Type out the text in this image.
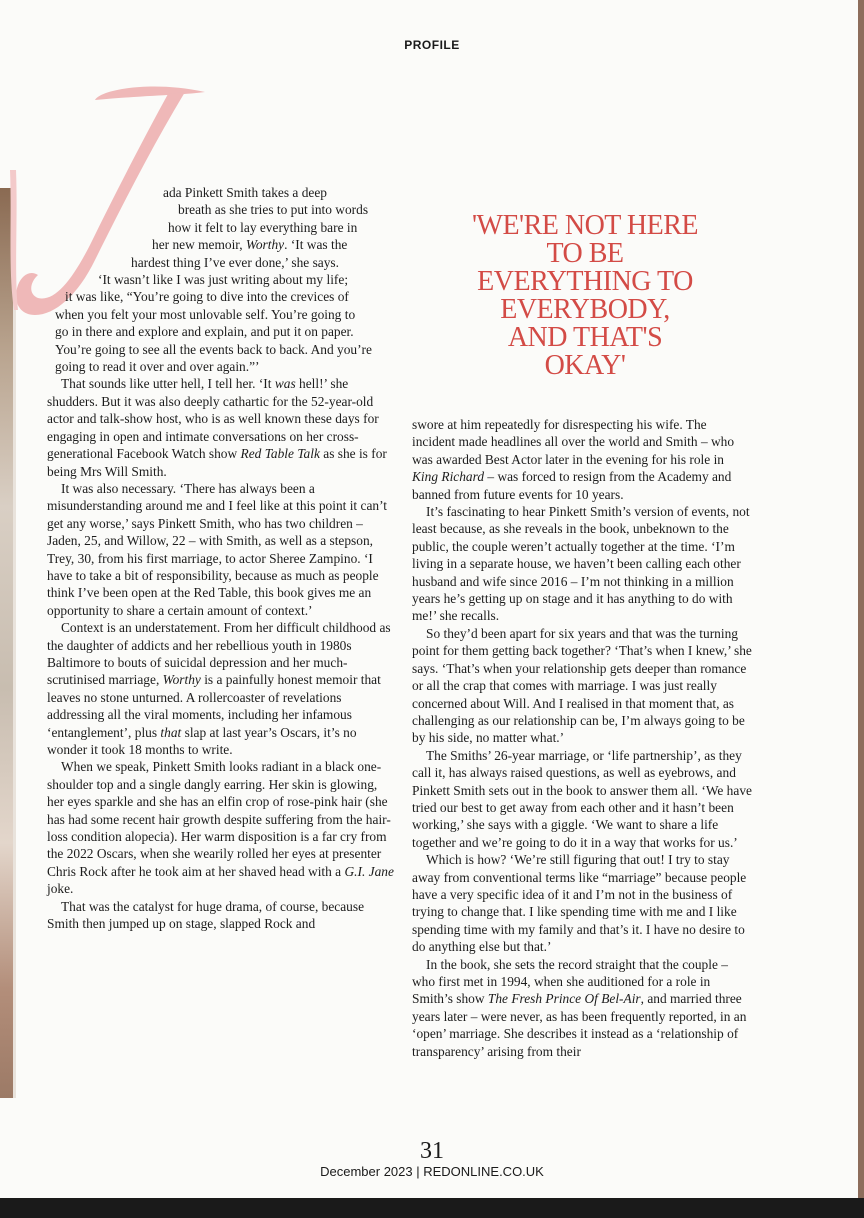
PROFILE
ada Pinkett Smith takes a deep
breath as she tries to put into words
how it felt to lay everything bare in
her new memoir, Worthy. ‘It was the
hardest thing I’ve ever done,’ she says.
‘It wasn’t like I was just writing about my life;
it was like, “You’re going to dive into the crevices of
when you felt your most unlovable self. You’re going to
go in there and explore and explain, and put it on paper.
You’re going to see all the events back to back. And you’re
going to read it over and over again.”’

That sounds like utter hell, I tell her. ‘It was hell!’ she shudders. But it was also deeply cathartic for the 52-year-old actor and talk-show host, who is as well known these days for engaging in open and intimate conversations on her cross-generational Facebook Watch show Red Table Talk as she is for being Mrs Will Smith.

It was also necessary. ‘There has always been a misunderstanding around me and I feel like at this point it can’t get any worse,’ says Pinkett Smith, who has two children – Jaden, 25, and Willow, 22 – with Smith, as well as a stepson, Trey, 30, from his first marriage, to actor Sheree Zampino. ‘I have to take a bit of responsibility, because as much as people think I’ve been open at the Red Table, this book gives me an opportunity to share a certain amount of context.’

Context is an understatement. From her difficult childhood as the daughter of addicts and her rebellious youth in 1980s Baltimore to bouts of suicidal depression and her much-scrutinised marriage, Worthy is a painfully honest memoir that leaves no stone unturned. A rollercoaster of revelations addressing all the viral moments, including her infamous ‘entanglement’, plus that slap at last year’s Oscars, it’s no wonder it took 18 months to write.

When we speak, Pinkett Smith looks radiant in a black one-shoulder top and a single dangly earring. Her skin is glowing, her eyes sparkle and she has an elfin crop of rose-pink hair (she has had some recent hair growth despite suffering from the hair-loss condition alopecia). Her warm disposition is a far cry from the 2022 Oscars, when she wearily rolled her eyes at presenter Chris Rock after he took aim at her shaved head with a G.I. Jane joke.

That was the catalyst for huge drama, of course, because Smith then jumped up on stage, slapped Rock and

'WE'RE NOT HERE TO BE EVERYTHING TO EVERYBODY, AND THAT'S OKAY'

swore at him repeatedly for disrespecting his wife. The incident made headlines all over the world and Smith – who was awarded Best Actor later in the evening for his role in King Richard – was forced to resign from the Academy and banned from future events for 10 years.

It’s fascinating to hear Pinkett Smith’s version of events, not least because, as she reveals in the book, unbeknown to the public, the couple weren’t actually together at the time. ‘I’m living in a separate house, we haven’t been calling each other husband and wife since 2016 – I’m not thinking in a million years he’s getting up on stage and it has anything to do with me!’ she recalls.

So they’d been apart for six years and that was the turning point for them getting back together? ‘That’s when I knew,’ she says. ‘That’s when your relationship gets deeper than romance or all the crap that comes with marriage. I was just really concerned about Will. And I realised in that moment that, as challenging as our relationship can be, I’m always going to be by his side, no matter what.’

The Smiths’ 26-year marriage, or ‘life partnership’, as they call it, has always raised questions, as well as eyebrows, and Pinkett Smith sets out in the book to answer them all. ‘We have tried our best to get away from each other and it hasn’t been working,’ she says with a giggle. ‘We want to share a life together and we’re going to do it in a way that works for us.’

Which is how? ‘We’re still figuring that out! I try to stay away from conventional terms like “marriage” because people have a very specific idea of it and I’m not in the business of trying to change that. I like spending time with me and I like spending time with my family and that’s it. I have no desire to do anything else but that.’

In the book, she sets the record straight that the couple – who first met in 1994, when she auditioned for a role in Smith’s show The Fresh Prince Of Bel-Air, and married three years later – were never, as has been frequently reported, in an ‘open’ marriage. She describes it instead as a ‘relationship of transparency’ arising from their

31
December 2023 | REDONLINE.CO.UK
